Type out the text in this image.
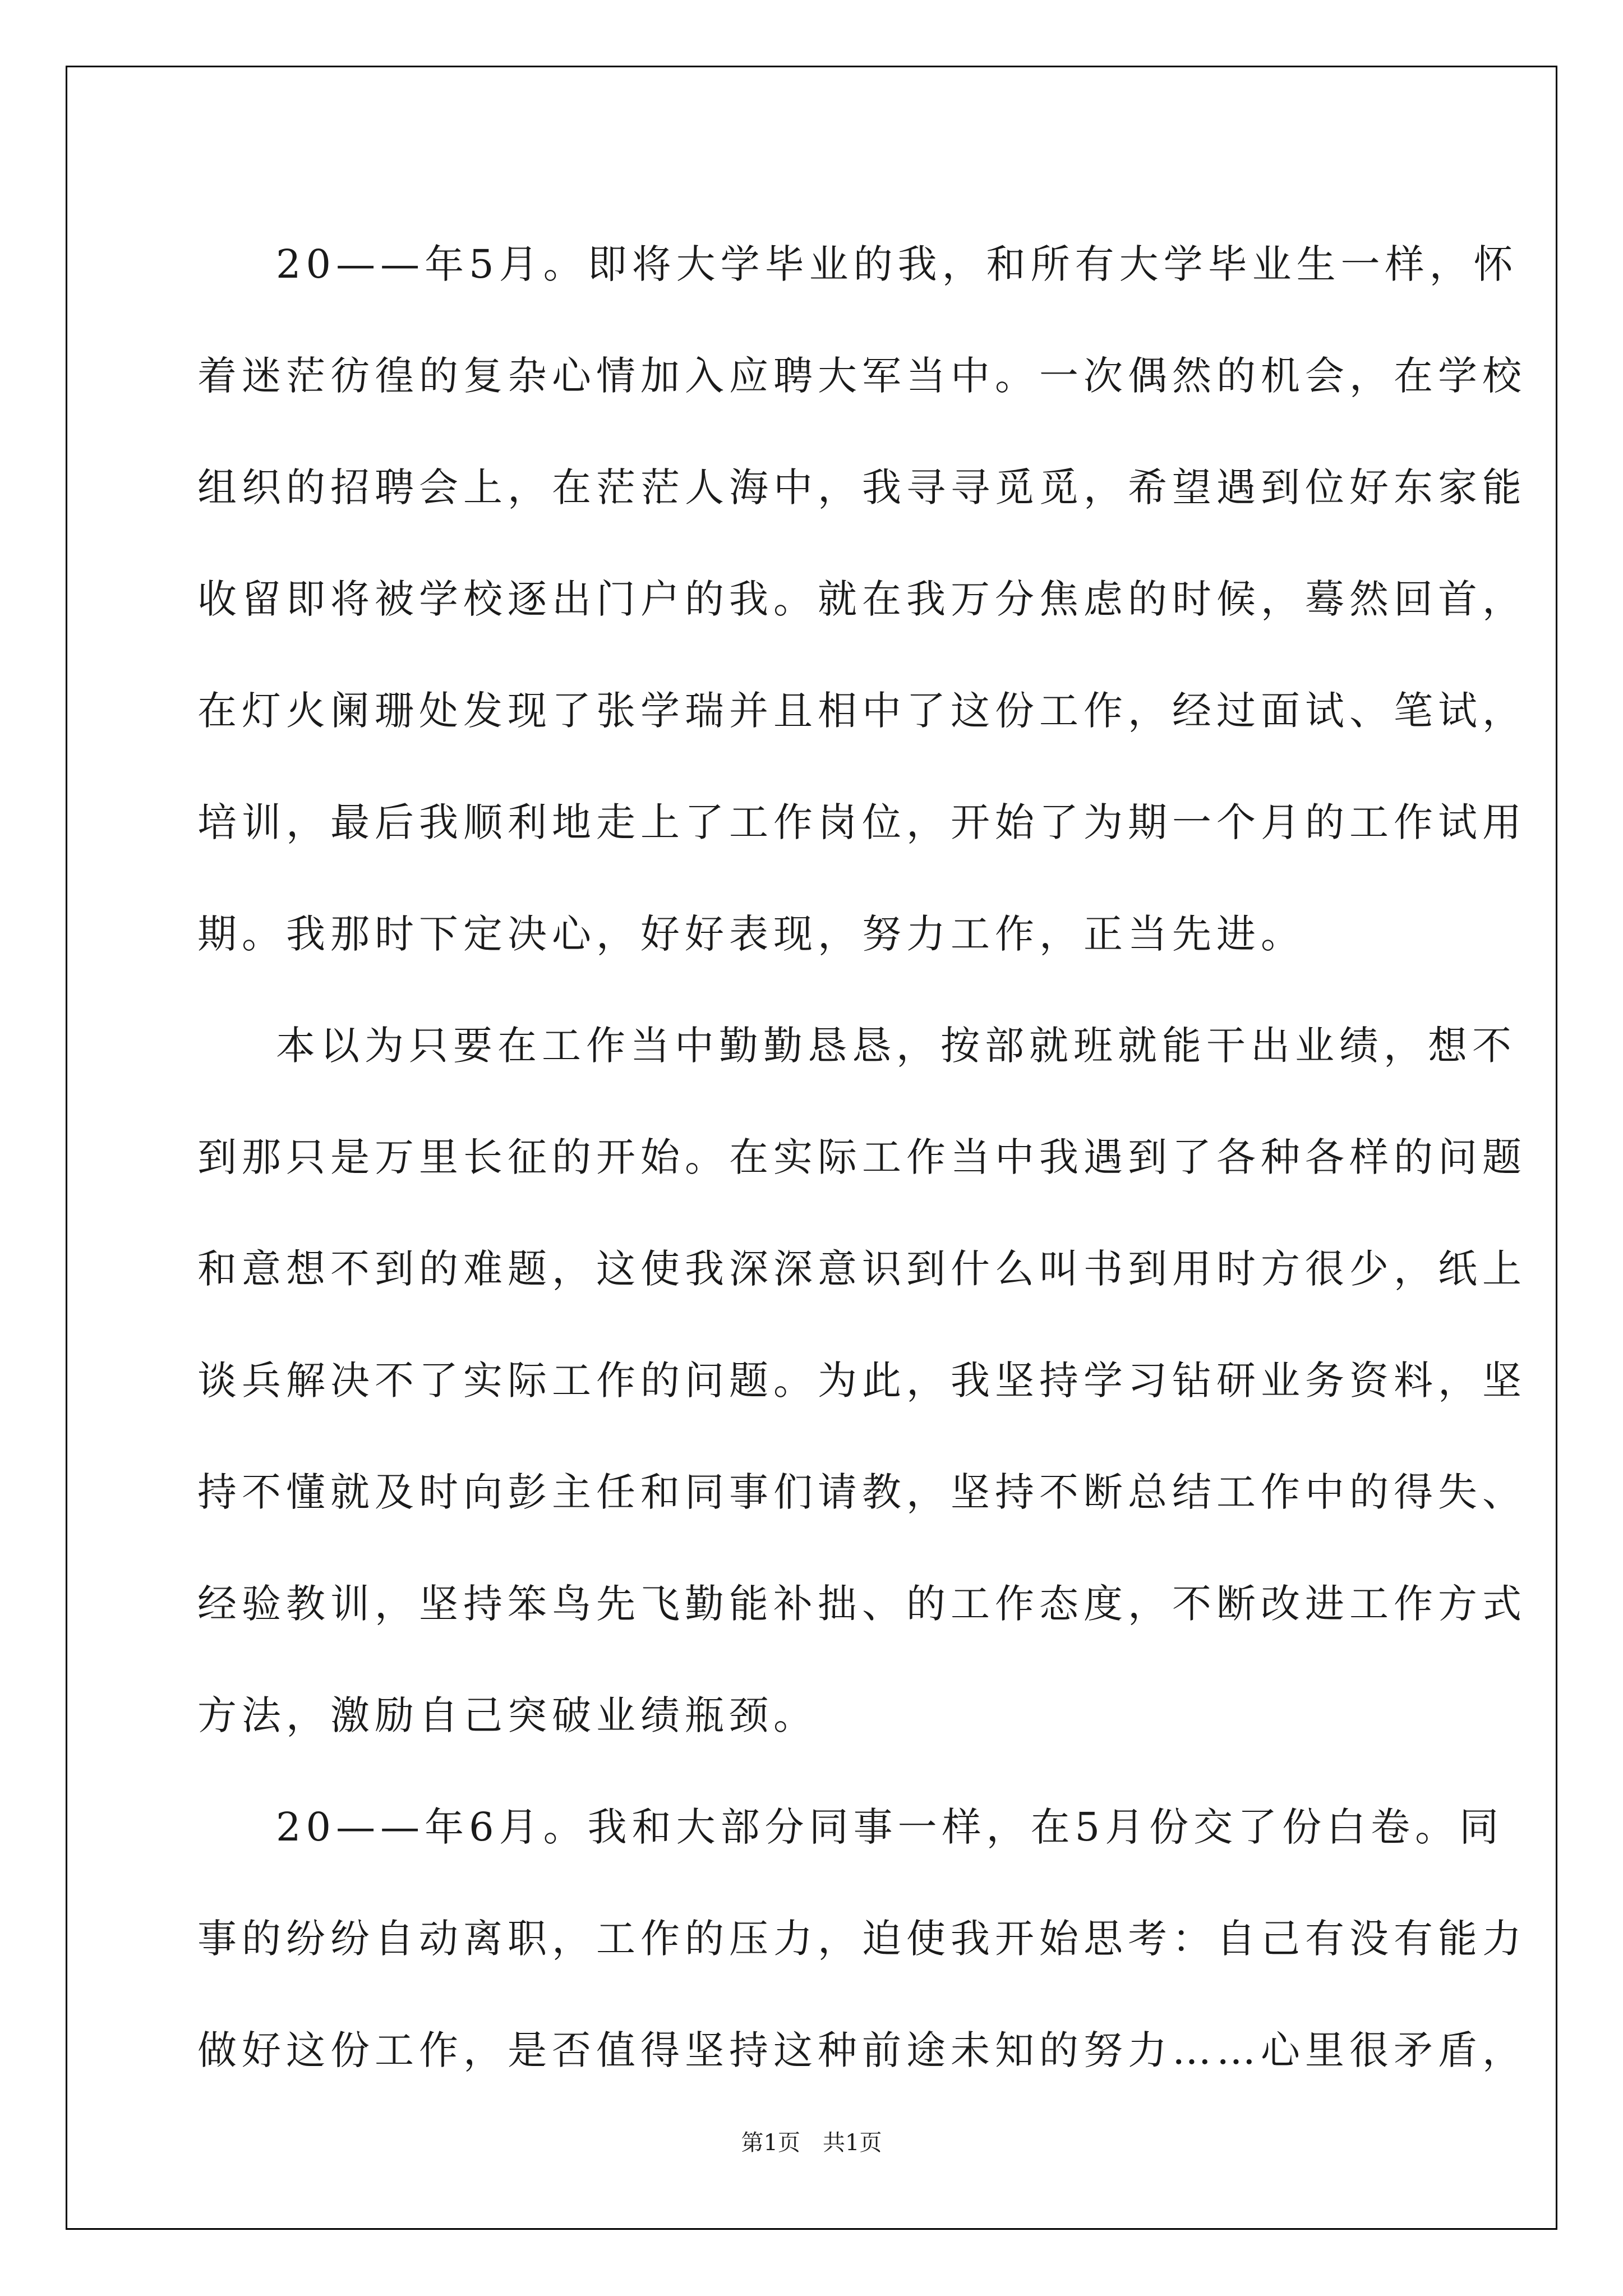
20——年5月。即将大学毕业的我，和所有大学毕业生一样，怀
着迷茫彷徨的复杂心情加入应聘大军当中。一次偶然的机会，在学校
组织的招聘会上，在茫茫人海中，我寻寻觅觅，希望遇到位好东家能
收留即将被学校逐出门户的我。就在我万分焦虑的时候，蓦然回首，
在灯火阑珊处发现了张学瑞并且相中了这份工作，经过面试、笔试，
培训，最后我顺利地走上了工作岗位，开始了为期一个月的工作试用
期。我那时下定决心，好好表现，努力工作，正当先进。
本以为只要在工作当中勤勤恳恳，按部就班就能干出业绩，想不
到那只是万里长征的开始。在实际工作当中我遇到了各种各样的问题
和意想不到的难题，这使我深深意识到什么叫书到用时方很少，纸上
谈兵解决不了实际工作的问题。为此，我坚持学习钻研业务资料，坚
持不懂就及时向彭主任和同事们请教，坚持不断总结工作中的得失、
经验教训，坚持笨鸟先飞勤能补拙、的工作态度，不断改进工作方式
方法，激励自己突破业绩瓶颈。
20——年6月。我和大部分同事一样，在5月份交了份白卷。同
事的纷纷自动离职，工作的压力，迫使我开始思考：自己有没有能力
做好这份工作，是否值得坚持这种前途未知的努力……心里很矛盾，
第1页 共1页
